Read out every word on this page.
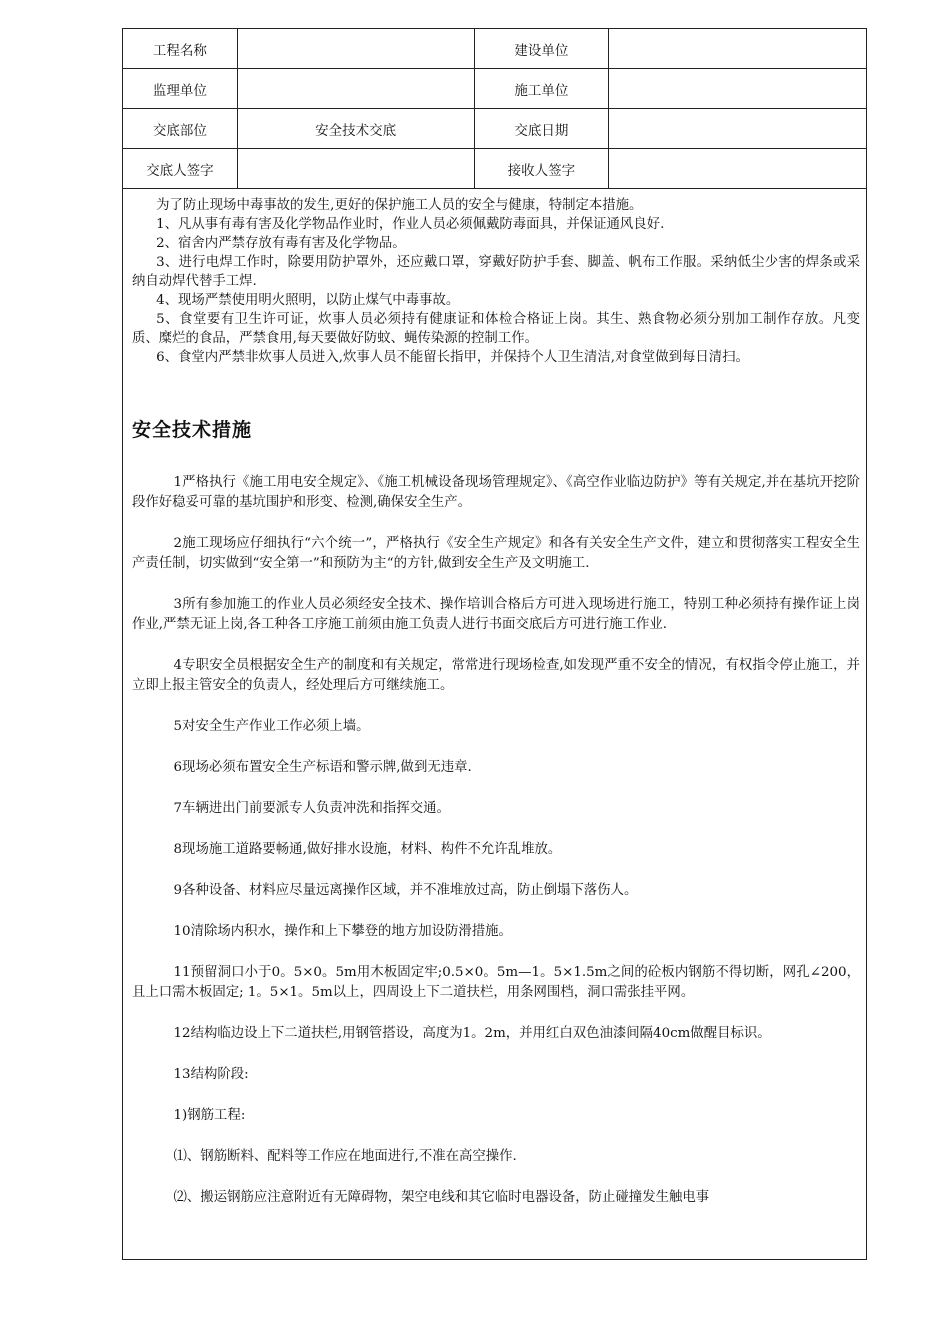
工程名称		建设单位	
监理单位		施工单位	
交底部位	安全技术交底	交底日期	
交底人签字		接收人签字	

为了防止现场中毒事故的发生,更好的保护施工人员的安全与健康，特制定本措施。

1、凡从事有毒有害及化学物品作业时，作业人员必须佩戴防毒面具，并保证通风良好.

2、宿舍内严禁存放有毒有害及化学物品。

3、进行电焊工作时，除要用防护罩外，还应戴口罩，穿戴好防护手套、脚盖、帆布工作服。采纳低尘少害的焊条或采纳自动焊代替手工焊.

4、现场严禁使用明火照明，以防止煤气中毒事故。

5、食堂要有卫生许可证，炊事人员必须持有健康证和体检合格证上岗。其生、熟食物必须分别加工制作存放。凡变质、糜烂的食品，严禁食用,每天要做好防蚊、蝇传染源的控制工作。

6、食堂内严禁非炊事人员进入,炊事人员不能留长指甲，并保持个人卫生清洁,对食堂做到每日清扫。

安全技术措施

1严格执行《施工用电安全规定》、《施工机械设备现场管理规定》、《高空作业临边防护》等有关规定,并在基坑开挖阶段作好稳妥可靠的基坑围护和形变、检测,确保安全生产。

2施工现场应仔细执行“六个统一”，严格执行《安全生产规定》和各有关安全生产文件，建立和贯彻落实工程安全生产责任制，切实做到“安全第一”和预防为主“的方针,做到安全生产及文明施工.

3所有参加施工的作业人员必须经安全技术、操作培训合格后方可进入现场进行施工，特别工种必须持有操作证上岗作业,严禁无证上岗,各工种各工序施工前须由施工负责人进行书面交底后方可进行施工作业.

4专职安全员根据安全生产的制度和有关规定，常常进行现场检查,如发现严重不安全的情况，有权指令停止施工，并立即上报主管安全的负责人，经处理后方可继续施工。

5对安全生产作业工作必须上墙。

6现场必须布置安全生产标语和警示牌,做到无违章.

7车辆进出门前要派专人负责冲洗和指挥交通。

8现场施工道路要畅通,做好排水设施，材料、构件不允许乱堆放。

9各种设备、材料应尽量远离操作区域，并不准堆放过高，防止倒塌下落伤人。

10清除场内积水，操作和上下攀登的地方加设防滑措施。

11预留洞口小于0。5×0。5m用木板固定牢;0.5×0。5m—1。5×1.5m之间的砼板内钢筋不得切断，网孔∠200，且上口需木板固定; 1。5×1。5m以上，四周设上下二道扶栏，用条网围档，洞口需张挂平网。

12结构临边设上下二道扶栏,用钢管搭设，高度为1。2m，并用红白双色油漆间隔40cm做醒目标识。

13结构阶段:

1)钢筋工程:

⑴、钢筋断料、配料等工作应在地面进行,不准在高空操作.

⑵、搬运钢筋应注意附近有无障碍物，架空电线和其它临时电器设备，防止碰撞发生触电事
